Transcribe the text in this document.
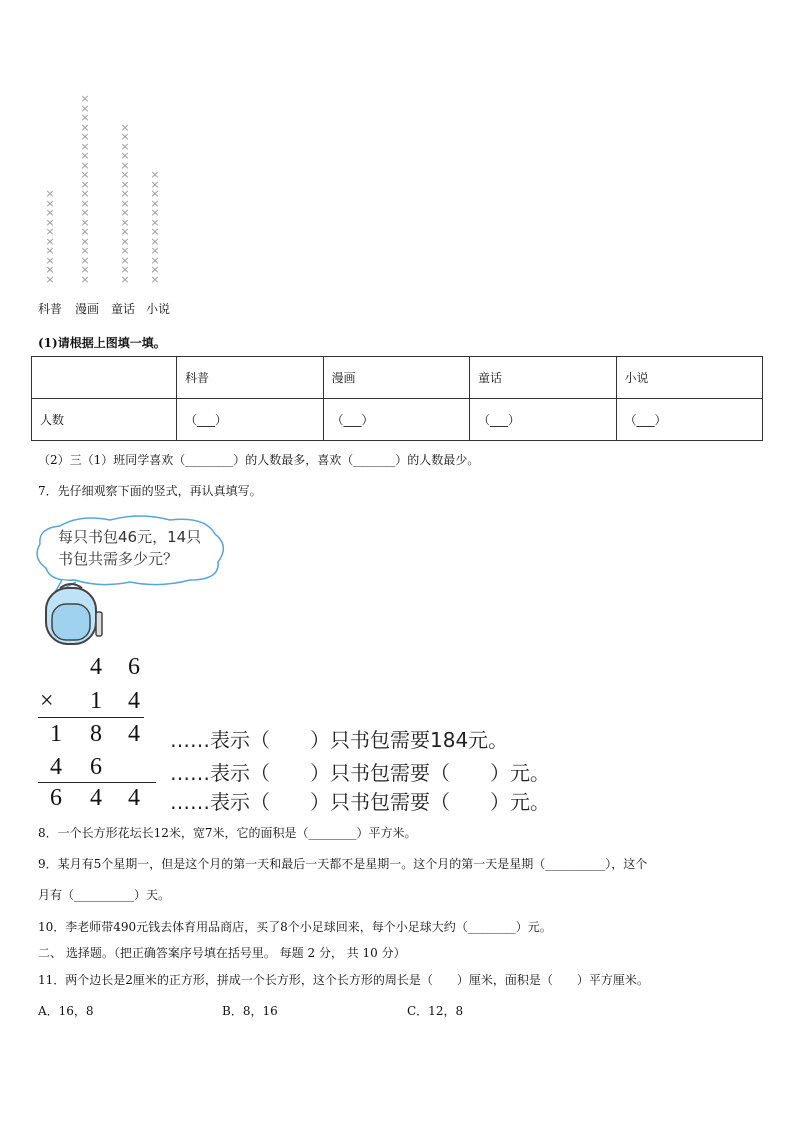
×
×
×
×
×
×
×
×
×
×
×
×
×
×
×
×
×
×
×
×
×
×
×
×
×
×
×
×
×
×
×
×
×
×
×
×
×
×
×
×
×
×
×
×
×
×
×
×
×
×
×
×
×
×
×
×
×
×
×
科普 漫画 童话 小说
(1)请根据上图填一填。
	科普	漫画	童话	小说
人数	（___）	（___）	（___）	（___）
（2）三（1）班同学喜欢（________）的人数最多，喜欢（_______）的人数最少。
7．先仔细观察下面的竖式，再认真填写。
每只书包46元，14只
书包共需多少元？
4 6
× 1 4
1 8 4
4 6
6 4 4
……表示（　　）只书包需要184元。
……表示（　　）只书包需要（　　）元。
……表示（　　）只书包需要（　　）元。
8．一个长方形花坛长12米，宽7米，它的面积是（________）平方米。
9．某月有5个星期一，但是这个月的第一天和最后一天都不是星期一。这个月的第一天是星期（__________），这个
月有（__________）天。
10．李老师带490元钱去体育用品商店，买了8个小足球回来，每个小足球大约（________）元。
二、 选择题。（把正确答案序号填在括号里。 每题 2 分， 共 10 分）
11．两个边长是2厘米的正方形，拼成一个长方形，这个长方形的周长是（　　）厘米，面积是（　　）平方厘米。
A．16，8	B．8，16	C．12，8
